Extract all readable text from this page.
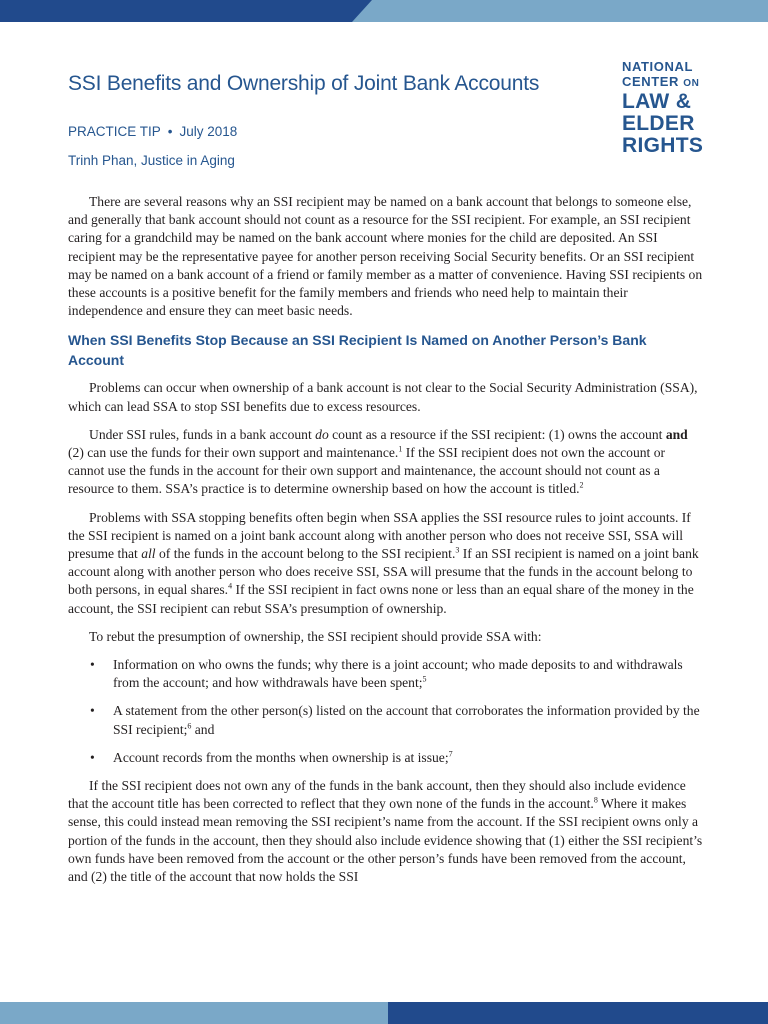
SSI Benefits and Ownership of Joint Bank Accounts
PRACTICE TIP • July 2018
Trinh Phan, Justice in Aging
NATIONAL
CENTER ON
LAW &
ELDER
RIGHTS

There are several reasons why an SSI recipient may be named on a bank account that belongs to someone else, and generally that bank account should not count as a resource for the SSI recipient. For example, an SSI recipient caring for a grandchild may be named on the bank account where monies for the child are deposited. An SSI recipient may be the representative payee for another person receiving Social Security benefits. Or an SSI recipient may be named on a bank account of a friend or family member as a matter of convenience. Having SSI recipients on these accounts is a positive benefit for the family members and friends who need help to maintain their independence and ensure they can meet basic needs.

When SSI Benefits Stop Because an SSI Recipient Is Named on Another Person’s Bank Account

Problems can occur when ownership of a bank account is not clear to the Social Security Administration (SSA), which can lead SSA to stop SSI benefits due to excess resources.

Under SSI rules, funds in a bank account do count as a resource if the SSI recipient: (1) owns the account and (2) can use the funds for their own support and maintenance.$^1$ If the SSI recipient does not own the account or cannot use the funds in the account for their own support and maintenance, the account should not count as a resource to them. SSA’s practice is to determine ownership based on how the account is titled.$^2$

Problems with SSA stopping benefits often begin when SSA applies the SSI resource rules to joint accounts. If the SSI recipient is named on a joint bank account along with another person who does not receive SSI, SSA will presume that all of the funds in the account belong to the SSI recipient.$^3$ If an SSI recipient is named on a joint bank account along with another person who does receive SSI, SSA will presume that the funds in the account belong to both persons, in equal shares.$^4$ If the SSI recipient in fact owns none or less than an equal share of the money in the account, the SSI recipient can rebut SSA’s presumption of ownership.

To rebut the presumption of ownership, the SSI recipient should provide SSA with:

• Information on who owns the funds; why there is a joint account; who made deposits to and withdrawals from the account; and how withdrawals have been spent;$^5$
• A statement from the other person(s) listed on the account that corroborates the information provided by the SSI recipient;$^6$ and
• Account records from the months when ownership is at issue;$^7$

If the SSI recipient does not own any of the funds in the bank account, then they should also include evidence that the account title has been corrected to reflect that they own none of the funds in the account.$^8$ Where it makes sense, this could instead mean removing the SSI recipient’s name from the account. If the SSI recipient owns only a portion of the funds in the account, then they should also include evidence showing that (1) either the SSI recipient’s own funds have been removed from the account or the other person’s funds have been removed from the account, and (2) the title of the account that now holds the SSI
